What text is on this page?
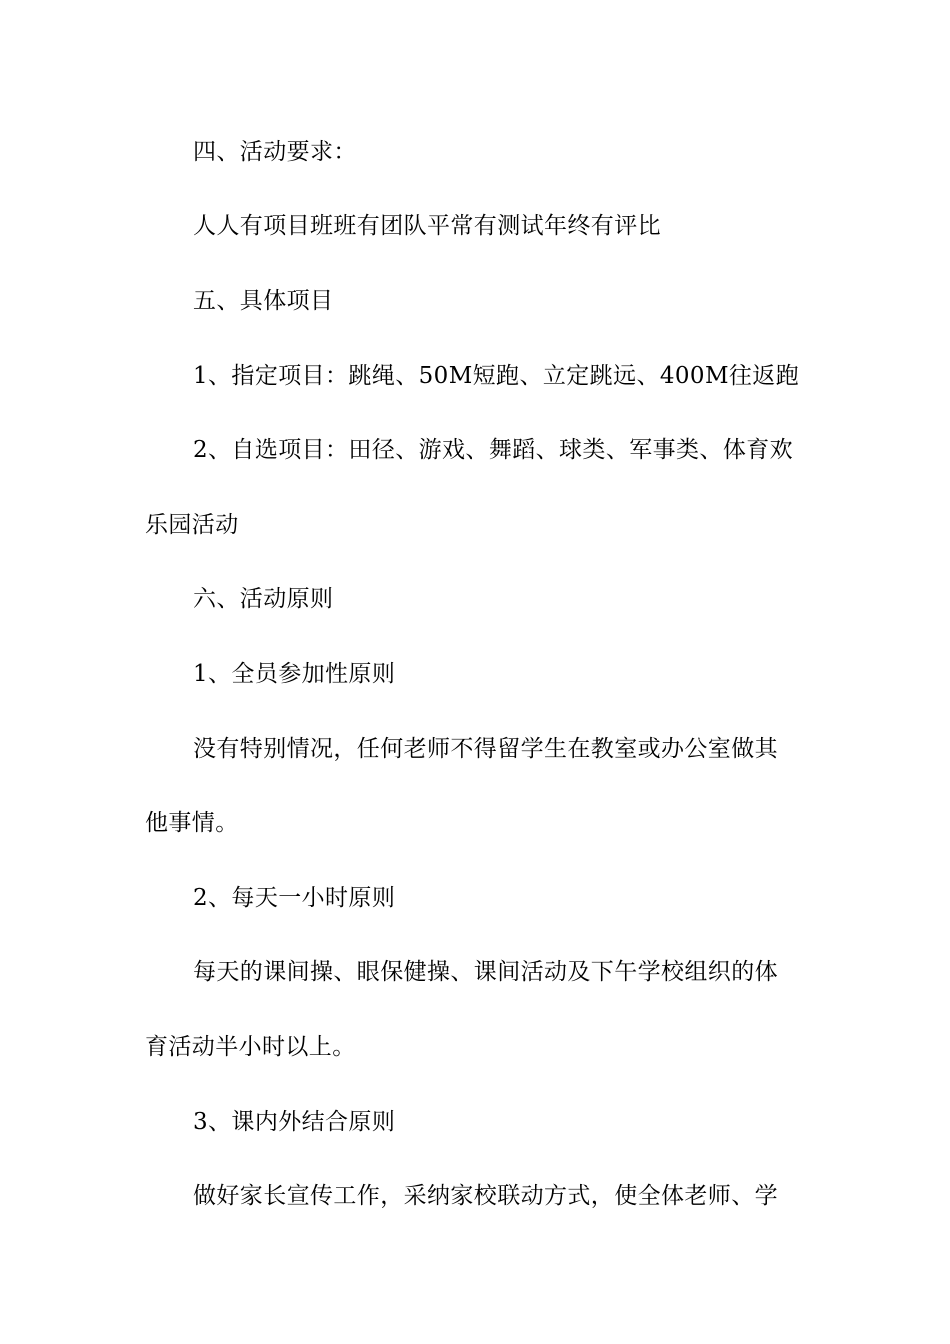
四、活动要求：
人人有项目班班有团队平常有测试年终有评比
五、具体项目
1、指定项目：跳绳、50M短跑、立定跳远、400M往返跑
2、自选项目：田径、游戏、舞蹈、球类、军事类、体育欢
乐园活动
六、活动原则
1、全员参加性原则
没有特别情况，任何老师不得留学生在教室或办公室做其
他事情。
2、每天一小时原则
每天的课间操、眼保健操、课间活动及下午学校组织的体
育活动半小时以上。
3、课内外结合原则
做好家长宣传工作，采纳家校联动方式，使全体老师、学
